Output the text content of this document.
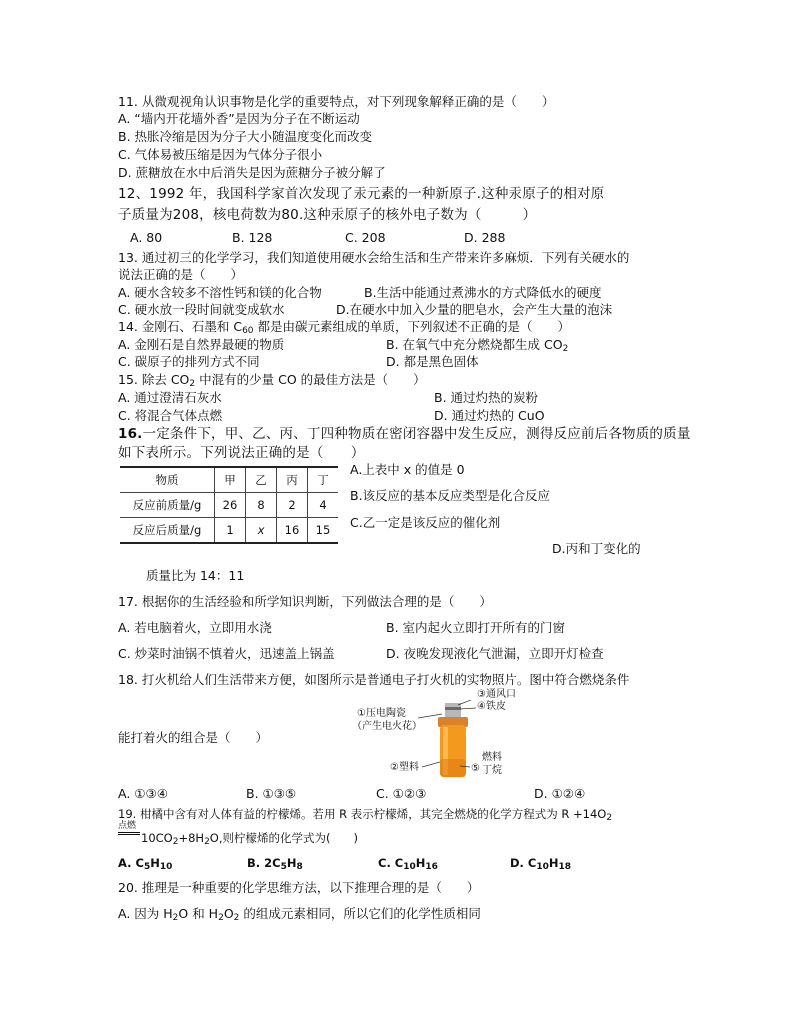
11. 从微观视角认识事物是化学的重要特点，对下列现象解释正确的是（　　）
A. “墙内开花墙外香”是因为分子在不断运动
B. 热胀冷缩是因为分子大小随温度变化而改变
C. 气体易被压缩是因为气体分子很小
D. 蔗糖放在水中后消失是因为蔗糖分子被分解了
12、1992 年，我国科学家首次发现了汞元素的一种新原子.这种汞原子的相对原
子质量为208，核电荷数为80.这种汞原子的核外电子数为（　　　）
A. 80	B. 128	C. 208	D. 288
13. 通过初三的化学学习，我们知道使用硬水会给生活和生产带来许多麻烦．下列有关硬水的
说法正确的是（　　）
A. 硬水含较多不溶性钙和镁的化合物	B.生活中能通过煮沸水的方式降低水的硬度
C. 硬水放一段时间就变成软水	D.在硬水中加入少量的肥皂水，会产生大量的泡沫
14. 金刚石、石墨和 $C_{60}$ 都是由碳元素组成的单质，下列叙述不正确的是（　　）
A. 金刚石是自然界最硬的物质	B. 在氧气中充分燃烧都生成 $CO_2$
C. 碳原子的排列方式不同	D. 都是黑色固体
15. 除去 $CO_2$ 中混有的少量 CO 的最佳方法是（　　）
A. 通过澄清石灰水	B. 通过灼热的炭粉
C. 将混合气体点燃	D. 通过灼热的 CuO
16.一定条件下，甲、乙、丙、丁四种物质在密闭容器中发生反应，测得反应前后各物质的质量
如下表所示。下列说法正确的是（　　）
物质	甲	乙	丙	丁
反应前质量/g	26	8	2	4
反应后质量/g	1	x	16	15
A.上表中 x 的值是 0
B.该反应的基本反应类型是化合反应
C.乙一定是该反应的催化剂
D.丙和丁变化的
质量比为 14：11
17. 根据你的生活经验和所学知识判断，下列做法合理的是（　　）
A. 若电脑着火，立即用水浇	B. 室内起火立即打开所有的门窗
C. 炒菜时油锅不慎着火，迅速盖上锅盖	D. 夜晚发现液化气泄漏，立即开灯检查
18. 打火机给人们生活带来方便，如图所示是普通电子打火机的实物照片。图中符合燃烧条件
能打着火的组合是（　　）
①压电陶瓷
（产生电火花）
②塑料
③通风口
④铁皮
⑤
燃料
丁烷
A. ①③④	B. ①③⑤	C. ①②③	D. ①②④
19. 柑橘中含有对人体有益的柠檬烯。若用 R 表示柠檬烯，其完全燃烧的化学方程式为 $R +14O_2$
点燃
$10CO_2+8H_2O$,则柠檬烯的化学式为(　　)
A. $C_5H_{10}$	B. $2C_5H_8$	C. $C_{10}H_{16}$	D. $C_{10}H_{18}$
20. 推理是一种重要的化学思维方法，以下推理合理的是（　　）
A. 因为 $H_2O$ 和 $H_2O_2$ 的组成元素相同，所以它们的化学性质相同
